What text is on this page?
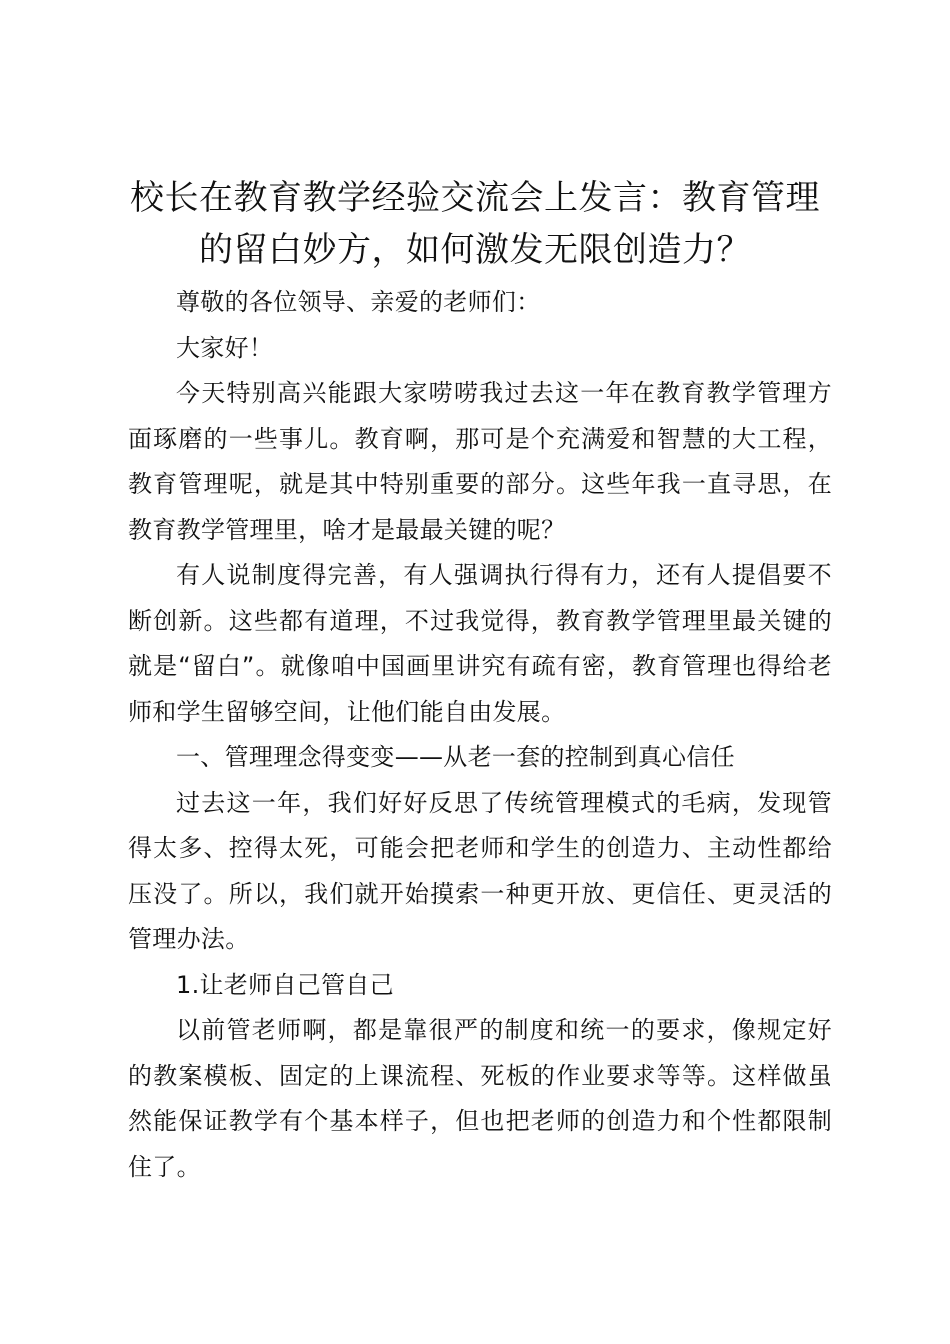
校长在教育教学经验交流会上发言：教育管理的留白妙方，如何激发无限创造力？

尊敬的各位领导、亲爱的老师们：

大家好！

今天特别高兴能跟大家唠唠我过去这一年在教育教学管理方面琢磨的一些事儿。教育啊，那可是个充满爱和智慧的大工程，教育管理呢，就是其中特别重要的部分。这些年我一直寻思，在教育教学管理里，啥才是最最关键的呢？

有人说制度得完善，有人强调执行得有力，还有人提倡要不断创新。这些都有道理，不过我觉得，教育教学管理里最关键的就是“留白”。就像咱中国画里讲究有疏有密，教育管理也得给老师和学生留够空间，让他们能自由发展。

一、管理理念得变变——从老一套的控制到真心信任

过去这一年，我们好好反思了传统管理模式的毛病，发现管得太多、控得太死，可能会把老师和学生的创造力、主动性都给压没了。所以，我们就开始摸索一种更开放、更信任、更灵活的管理办法。

1.让老师自己管自己

以前管老师啊，都是靠很严的制度和统一的要求，像规定好的教案模板、固定的上课流程、死板的作业要求等等。这样做虽然能保证教学有个基本样子，但也把老师的创造力和个性都限制住了。
